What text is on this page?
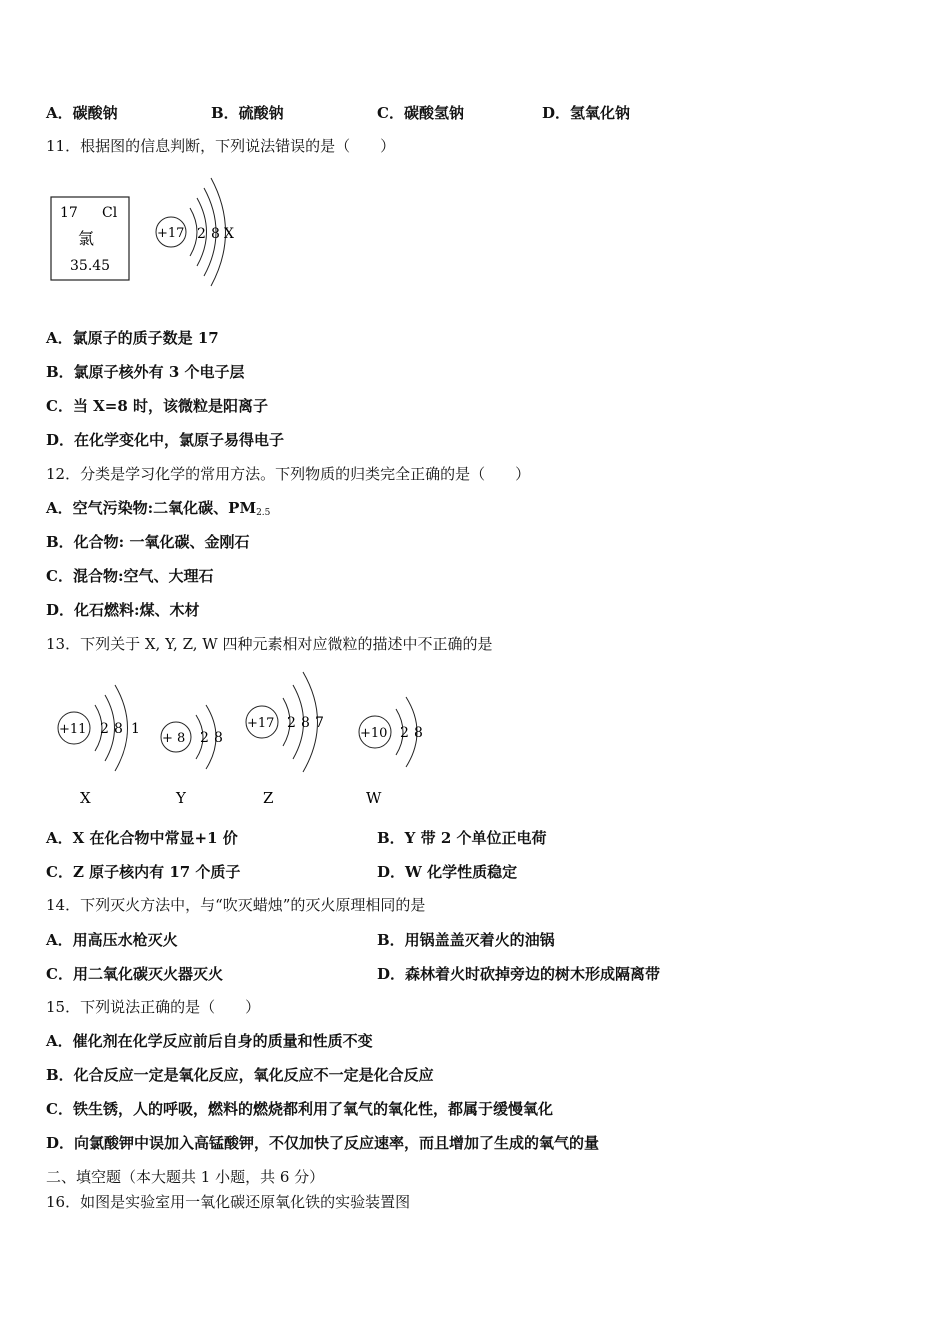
A．碳酸钠	B．硫酸钠	C．碳酸氢钠	D．氢氧化钠
11．根据图的信息判断，下列说法错误的是（　　）
17 Cl
氯
35.45
+17 2 8 X
A．氯原子的质子数是 17
B．氯原子核外有 3 个电子层
C．当 X=8 时，该微粒是阳离子
D．在化学变化中，氯原子易得电子
12．分类是学习化学的常用方法。下列物质的归类完全正确的是（　　）
A．空气污染物:二氧化碳、$PM_{2.5}$
B．化合物: 一氧化碳、金刚石
C．混合物:空气、大理石
D．化石燃料:煤、木材
13．下列关于 X, Y, Z, W 四种元素相对应微粒的描述中不正确的是
+11 2 8 1
X
+ 8 2 8
Y
+17 2 8 7
Z
+10 2 8
W
A．X 在化合物中常显+1 价	B．Y 带 2 个单位正电荷
C．Z 原子核内有 17 个质子	D．W 化学性质稳定
14．下列灭火方法中，与“吹灭蜡烛”的灭火原理相同的是
A．用高压水枪灭火	B．用锅盖盖灭着火的油锅
C．用二氧化碳灭火器灭火	D．森林着火时砍掉旁边的树木形成隔离带
15．下列说法正确的是（　　）
A．催化剂在化学反应前后自身的质量和性质不变
B．化合反应一定是氧化反应，氧化反应不一定是化合反应
C．铁生锈，人的呼吸，燃料的燃烧都利用了氧气的氧化性，都属于缓慢氧化
D．向氯酸钾中误加入高锰酸钾，不仅加快了反应速率，而且增加了生成的氧气的量
二、填空题（本大题共 1 小题，共 6 分）
16．如图是实验室用一氧化碳还原氧化铁的实验装置图
